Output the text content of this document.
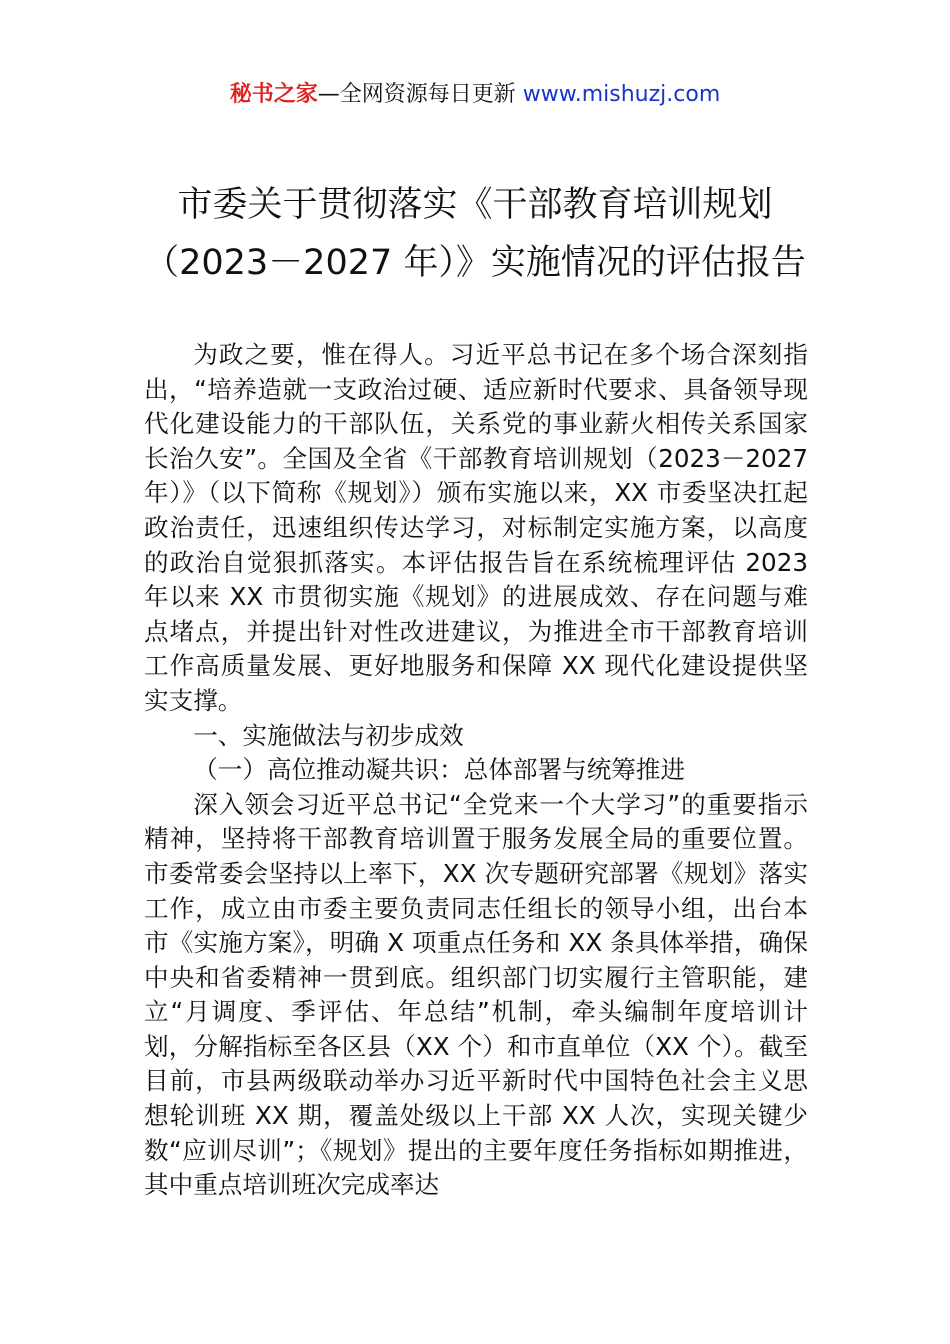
秘书之家—全网资源每日更新 www.mishuzj.com
市委关于贯彻落实《干部教育培训规划
（2023－2027 年）》实施情况的评估报告

为政之要，惟在得人。习近平总书记在多个场合深刻指出，“培养造就一支政治过硬、适应新时代要求、具备领导现代化建设能力的干部队伍，关系党的事业薪火相传关系国家长治久安”。全国及全省《干部教育培训规划（2023－2027 年）》（以下简称《规划》）颁布实施以来，XX 市委坚决扛起政治责任，迅速组织传达学习，对标制定实施方案，以高度的政治自觉狠抓落实。本评估报告旨在系统梳理评估 2023 年以来 XX 市贯彻实施《规划》的进展成效、存在问题与难点堵点，并提出针对性改进建议，为推进全市干部教育培训工作高质量发展、更好地服务和保障 XX 现代化建设提供坚实支撑。

一、实施做法与初步成效

（一）高位推动凝共识：总体部署与统筹推进

深入领会习近平总书记“全党来一个大学习”的重要指示精神，坚持将干部教育培训置于服务发展全局的重要位置。市委常委会坚持以上率下，XX 次专题研究部署《规划》落实工作，成立由市委主要负责同志任组长的领导小组，出台本市《实施方案》，明确 X 项重点任务和 XX 条具体举措，确保中央和省委精神一贯到底。组织部门切实履行主管职能，建立“月调度、季评估、年总结”机制，牵头编制年度培训计划，分解指标至各区县（XX 个）和市直单位（XX 个）。截至目前，市县两级联动举办习近平新时代中国特色社会主义思想轮训班 XX 期，覆盖处级以上干部 XX 人次，实现关键少数“应训尽训”；《规划》提出的主要年度任务指标如期推进，其中重点培训班次完成率达
